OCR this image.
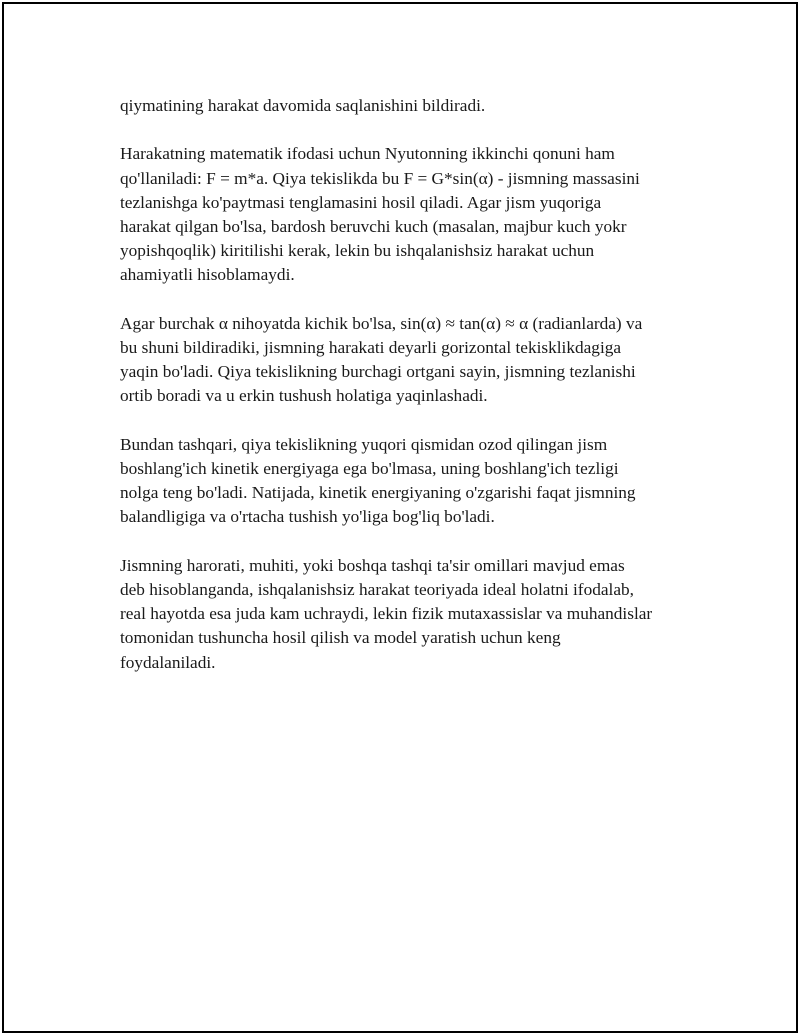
qiymatining harakat davomida saqlanishini bildiradi.

Harakatning matematik ifodasi uchun Nyutonning ikkinchi qonuni ham
qo'llaniladi: F = m*a. Qiya tekislikda bu F = G*sin(α) - jismning massasini
tezlanishga ko'paytmasi tenglamasini hosil qiladi. Agar jism yuqoriga
harakat qilgan bo'lsa, bardosh beruvchi kuch (masalan, majbur kuch yokr
yopishqoqlik) kiritilishi kerak, lekin bu ishqalanishsiz harakat uchun
ahamiyatli hisoblamaydi.

Agar burchak α nihoyatda kichik bo'lsa, sin(α) ≈ tan(α) ≈ α (radianlarda) va
bu shuni bildiradiki, jismning harakati deyarli gorizontal tekisklikdagiga
yaqin bo'ladi. Qiya tekislikning burchagi ortgani sayin, jismning tezlanishi
ortib boradi va u erkin tushush holatiga yaqinlashadi.

Bundan tashqari, qiya tekislikning yuqori qismidan ozod qilingan jism
boshlang'ich kinetik energiyaga ega bo'lmasa, uning boshlang'ich tezligi
nolga teng bo'ladi. Natijada, kinetik energiyaning o'zgarishi faqat jismning
balandligiga va o'rtacha tushish yo'liga bog'liq bo'ladi.

Jismning harorati, muhiti, yoki boshqa tashqi ta'sir omillari mavjud emas
deb hisoblanganda, ishqalanishsiz harakat teoriyada ideal holatni ifodalab,
real hayotda esa juda kam uchraydi, lekin fizik mutaxassislar va muhandislar
tomonidan tushuncha hosil qilish va model yaratish uchun keng
foydalaniladi.
